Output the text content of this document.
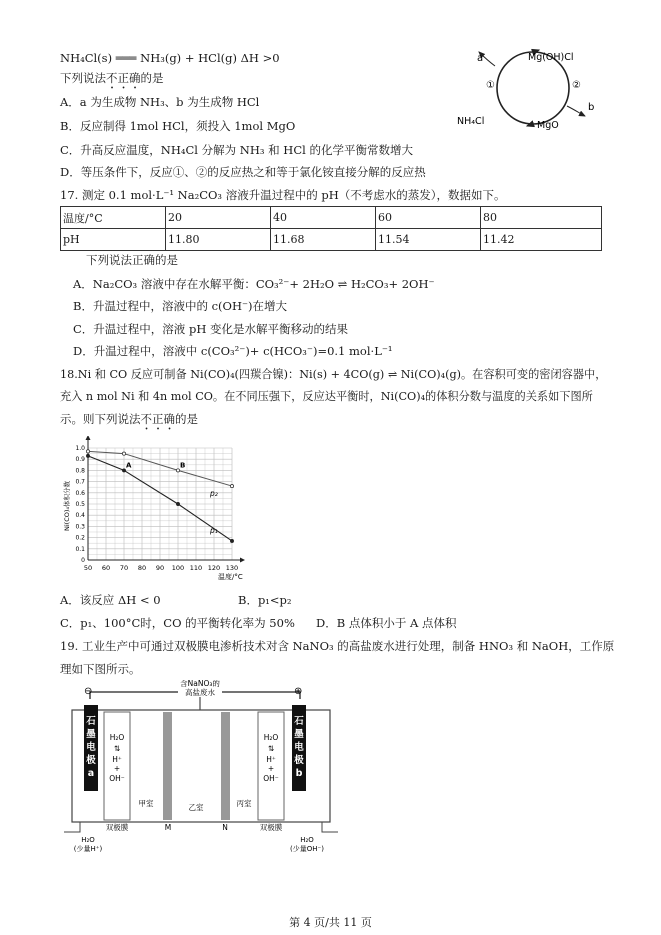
NH₄Cl(s) ═══ NH₃(g) + HCl(g) ΔH >0
下列说法不正确的是
A．a 为生成物 NH₃、b 为生成物 HCl
B．反应制得 1mol HCl，须投入 1mol MgO
C．升高反应温度，NH₄Cl 分解为 NH₃ 和 HCl 的化学平衡常数增大
D．等压条件下，反应①、②的反应热之和等于氯化铵直接分解的反应热
a	Mg(OH)Cl
①	②
NH₄Cl	MgO
b
17. 测定 0.1 mol·L⁻¹ Na₂CO₃ 溶液升温过程中的 pH（不考虑水的蒸发），数据如下。
温度/°C	20	40	60	80
pH	11.80	11.68	11.54	11.42
下列说法正确的是
A．Na₂CO₃ 溶液中存在水解平衡：CO₃²⁻+ 2H₂O ⇌ H₂CO₃+ 2OH⁻
B．升温过程中，溶液中的 c(OH⁻)在增大
C．升温过程中，溶液 pH 变化是水解平衡移动的结果
D．升温过程中，溶液中 c(CO₃²⁻)+ c(HCO₃⁻)=0.1 mol·L⁻¹
18.Ni 和 CO 反应可制备 Ni(CO)₄(四羰合镍)：Ni(s) + 4CO(g) ⇌ Ni(CO)₄(g)。在容积可变的密闭容器中，
充入 n mol Ni 和 4n mol CO。在不同压强下，反应达平衡时，Ni(CO)₄的体积分数与温度的关系如下图所
示。则下列说法不正确的是
50 60 70 80 90 100 110 120 130
0
0.1
0.2
0.3
0.4
0.5
0.6
0.7
0.8
0.9
1.0
p₂
p₁
A	B
Ni(CO)₄体积分数
温度/°C
A．该反应 ΔH < 0	B．p₁<p₂
C．p₁、100°C时，CO 的平衡转化率为 50% D．B 点体积小于 A 点体积
19. 工业生产中可通过双极膜电渗析技术对含 NaNO₃ 的高盐废水进行处理，制备 HNO₃ 和 NaOH，工作原
理如下图所示。
⊖	⊕
含NaNO₃的
高盐废水
石
墨
电
极
a
石
墨
电
极
b
H₂O
⇅
H⁺
+
OH⁻
H₂O
⇅
H⁺
+
OH⁻
甲室	乙室	丙室
双极膜	M	N	双极膜
H₂O
(少量H⁺)
H₂O
(少量OH⁻)
第 4 页/共 11 页
